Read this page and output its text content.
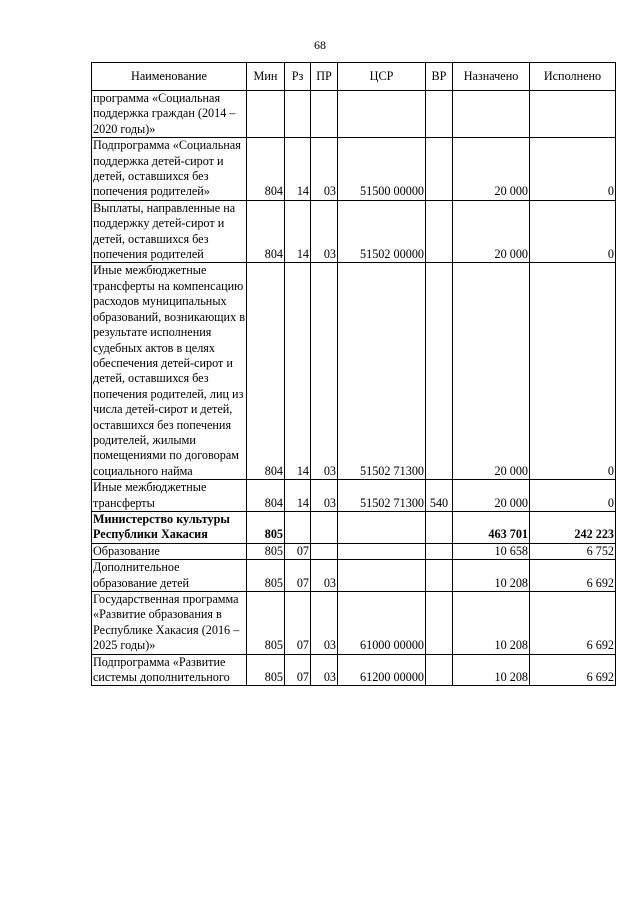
68
Наименование	Мин	Рз	ПР	ЦСР	ВР	Назначено	Исполнено
программа «Социальная поддержка граждан (2014 – 2020 годы)»							
Подпрограмма «Социальная поддержка детей-сирот и детей, оставшихся без попечения родителей»	804	14	03	51500 00000		20 000	0
Выплаты, направленные на поддержку детей-сирот и детей, оставшихся без попечения родителей	804	14	03	51502 00000		20 000	0
Иные межбюджетные трансферты на компенсацию расходов муниципальных образований, возникающих в результате исполнения судебных актов в целях обеспечения детей-сирот и детей, оставшихся без попечения родителей, лиц из числа детей-сирот и детей, оставшихся без попечения родителей, жилыми помещениями по договорам социального найма	804	14	03	51502 71300		20 000	0
Иные межбюджетные трансферты	804	14	03	51502 71300	540	20 000	0
Министерство культуры Республики Хакасия	805					463 701	242 223
Образование	805	07				10 658	6 752
Дополнительное образование детей	805	07	03			10 208	6 692
Государственная программа «Развитие образования в Республике Хакасия (2016 – 2025 годы)»	805	07	03	61000 00000		10 208	6 692
Подпрограмма «Развитие системы дополнительного	805	07	03	61200 00000		10 208	6 692
